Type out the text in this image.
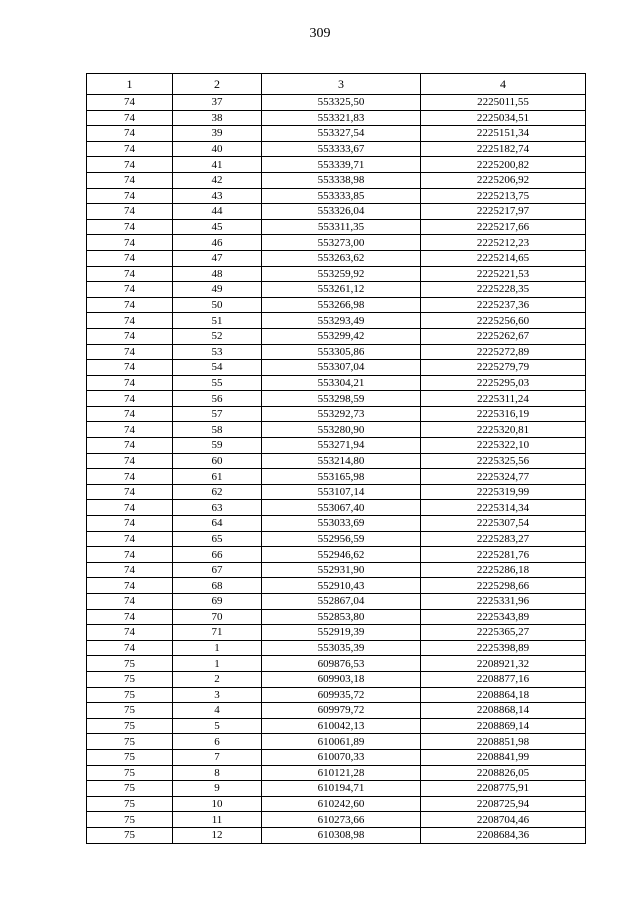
309
1	2	3	4
74	37	553325,50	2225011,55
74	38	553321,83	2225034,51
74	39	553327,54	2225151,34
74	40	553333,67	2225182,74
74	41	553339,71	2225200,82
74	42	553338,98	2225206,92
74	43	553333,85	2225213,75
74	44	553326,04	2225217,97
74	45	553311,35	2225217,66
74	46	553273,00	2225212,23
74	47	553263,62	2225214,65
74	48	553259,92	2225221,53
74	49	553261,12	2225228,35
74	50	553266,98	2225237,36
74	51	553293,49	2225256,60
74	52	553299,42	2225262,67
74	53	553305,86	2225272,89
74	54	553307,04	2225279,79
74	55	553304,21	2225295,03
74	56	553298,59	2225311,24
74	57	553292,73	2225316,19
74	58	553280,90	2225320,81
74	59	553271,94	2225322,10
74	60	553214,80	2225325,56
74	61	553165,98	2225324,77
74	62	553107,14	2225319,99
74	63	553067,40	2225314,34
74	64	553033,69	2225307,54
74	65	552956,59	2225283,27
74	66	552946,62	2225281,76
74	67	552931,90	2225286,18
74	68	552910,43	2225298,66
74	69	552867,04	2225331,96
74	70	552853,80	2225343,89
74	71	552919,39	2225365,27
74	1	553035,39	2225398,89
75	1	609876,53	2208921,32
75	2	609903,18	2208877,16
75	3	609935,72	2208864,18
75	4	609979,72	2208868,14
75	5	610042,13	2208869,14
75	6	610061,89	2208851,98
75	7	610070,33	2208841,99
75	8	610121,28	2208826,05
75	9	610194,71	2208775,91
75	10	610242,60	2208725,94
75	11	610273,66	2208704,46
75	12	610308,98	2208684,36
